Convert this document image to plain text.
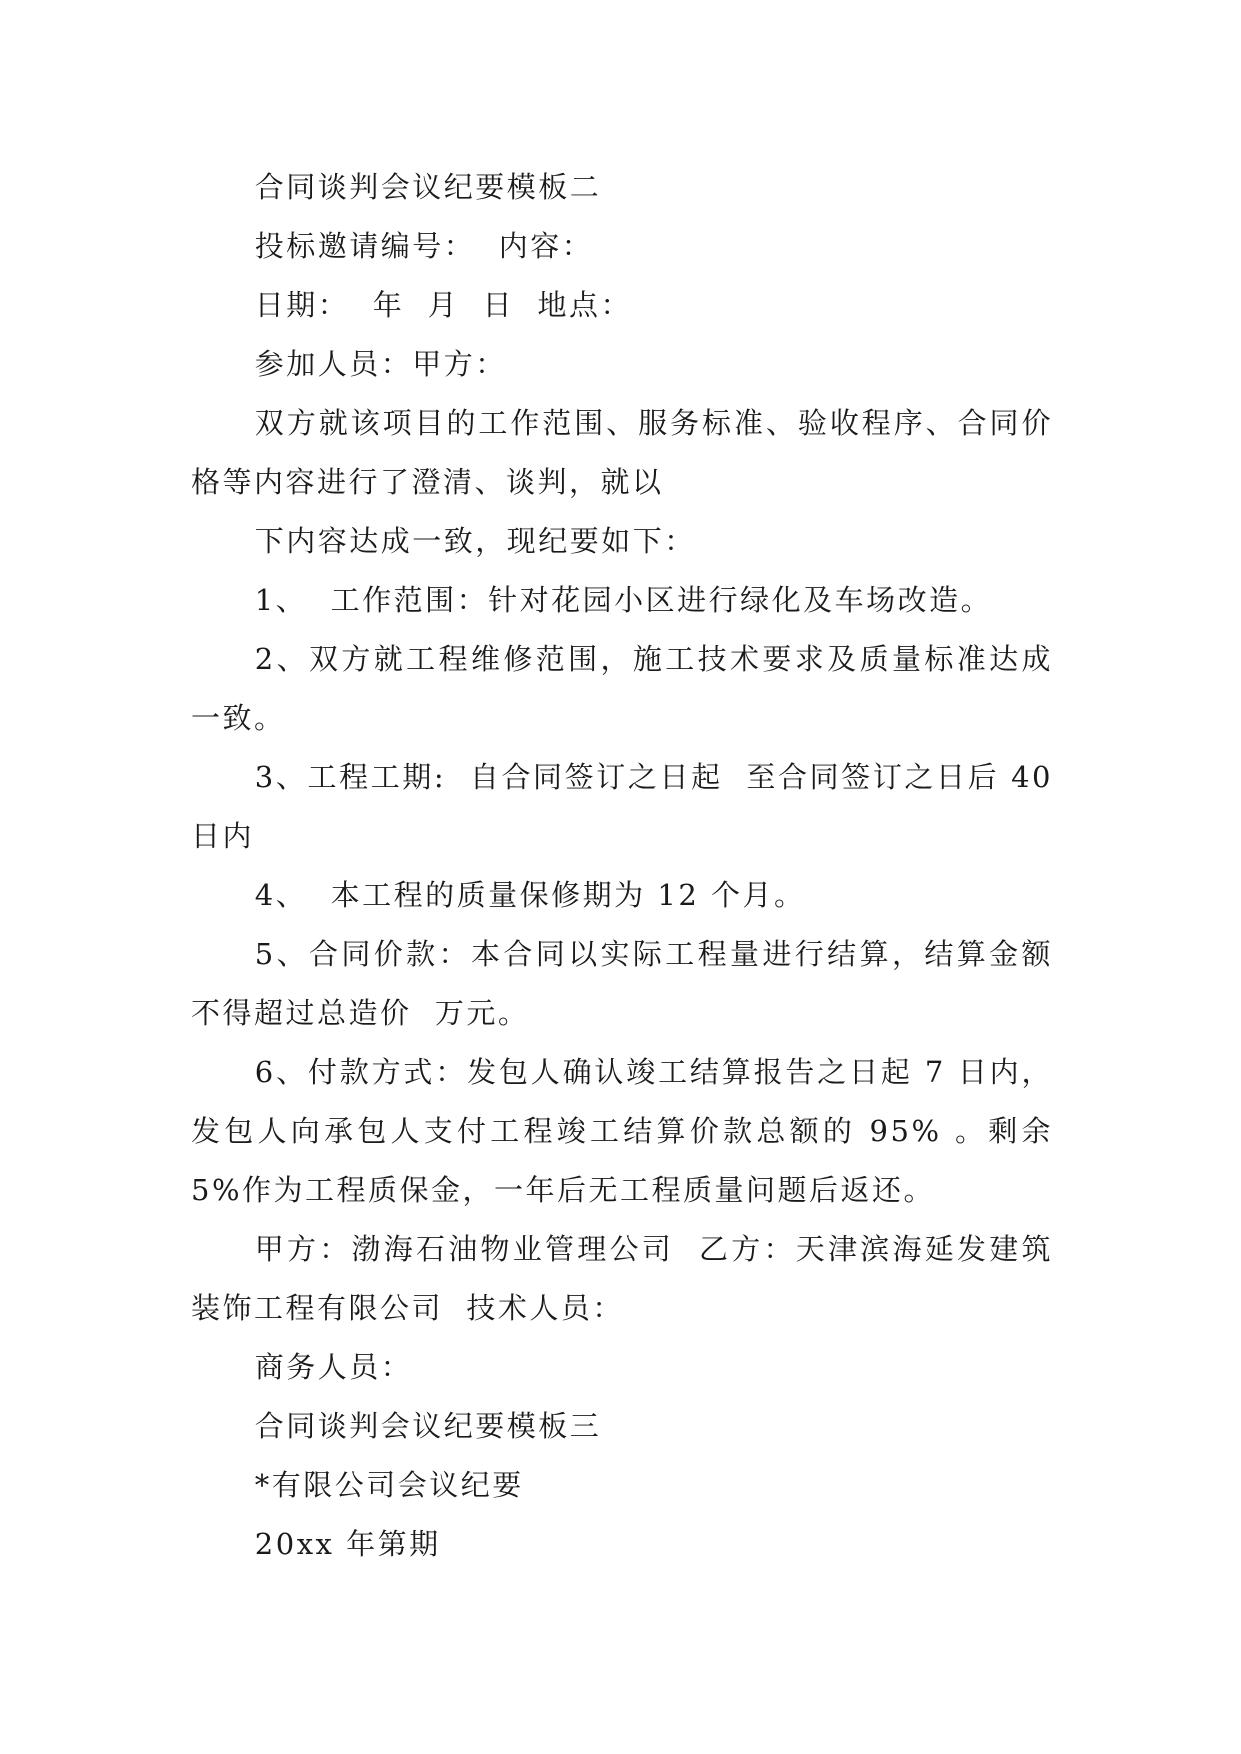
合同谈判会议纪要模板二

投标邀请编号：  内容：

日期：  年  月  日  地点：

参加人员：甲方：

双方就该项目的工作范围、服务标准、验收程序、合同价格等内容进行了澄清、谈判，就以

下内容达成一致，现纪要如下：

1、  工作范围：针对花园小区进行绿化及车场改造。

2、双方就工程维修范围，施工技术要求及质量标准达成一致。

3、工程工期:  自合同签订之日起  至合同签订之日后 40 日内

4、  本工程的质量保修期为 12 个月。

5、合同价款：本合同以实际工程量进行结算，结算金额不得超过总造价  万元。

6、付款方式：发包人确认竣工结算报告之日起 7 日内，发包人向承包人支付工程竣工结算价款总额的 95% 。剩余 5%作为工程质保金，一年后无工程质量问题后返还。

甲方：渤海石油物业管理公司  乙方：天津滨海延发建筑装饰工程有限公司  技术人员：

商务人员：

合同谈判会议纪要模板三

*有限公司会议纪要

20xx 年第期
